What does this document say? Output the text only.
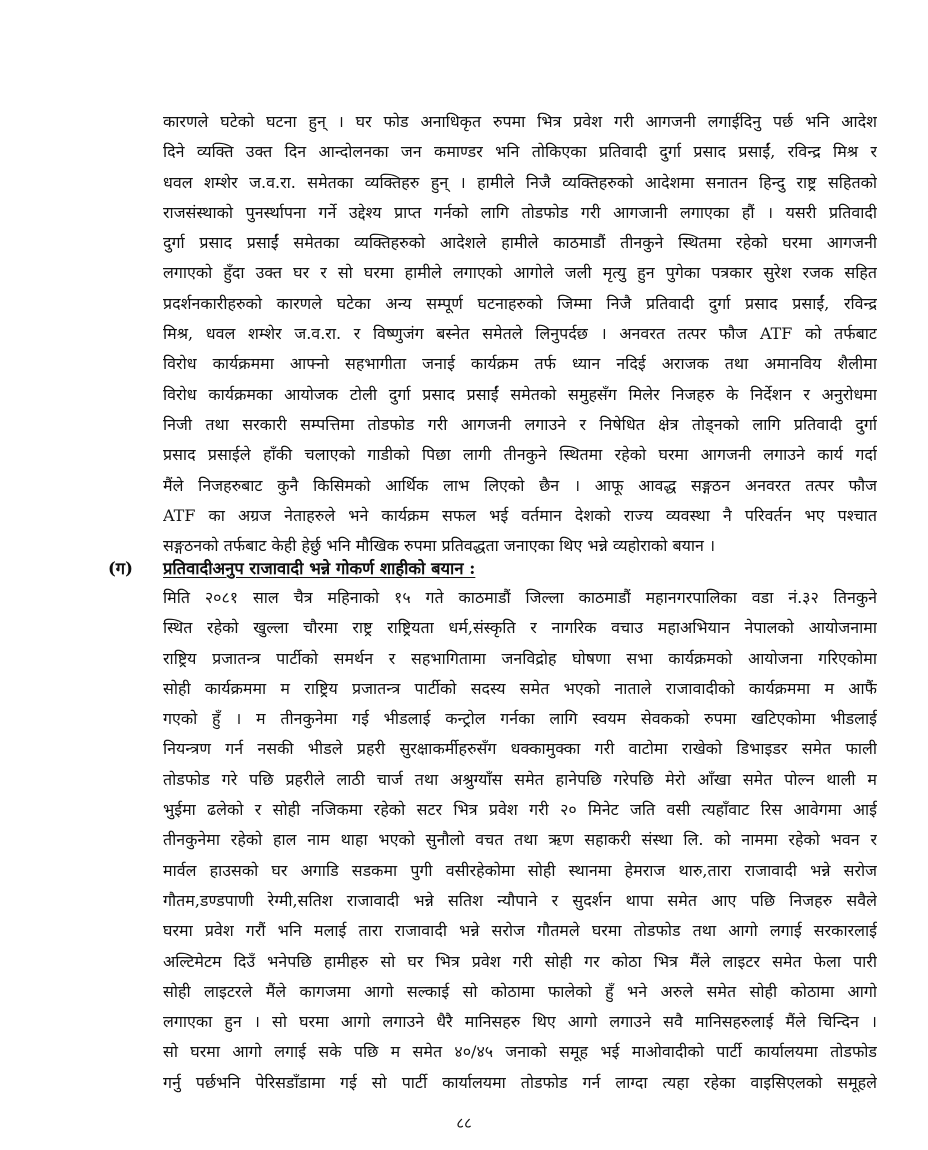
कारणले घटेको घटना हुन् । घर फोड अनाधिकृत रुपमा भित्र प्रवेश गरी आगजनी लगाईदिनु पर्छ भनि आदेश
दिने व्यक्ति उक्त दिन आन्दोलनका जन कमाण्डर भनि तोकिएका प्रतिवादी दुर्गा प्रसाद प्रसाईं, रविन्द्र मिश्र र
धवल शम्शेर ज.व.रा. समेतका व्यक्तिहरु हुन् । हामीले निजै व्यक्तिहरुको आदेशमा सनातन हिन्दु राष्ट्र सहितको
राजसंस्थाको पुनर्स्थापना गर्ने उद्देश्य प्राप्त गर्नको लागि तोडफोड गरी आगजानी लगाएका हौं । यसरी प्रतिवादी
दुर्गा प्रसाद प्रसाईं समेतका व्यक्तिहरुको आदेशले हामीले काठमाडौं तीनकुने स्थितमा रहेको घरमा आगजनी
लगाएको हुँदा उक्त घर र सो घरमा हामीले लगाएको आगोले जली मृत्यु हुन पुगेका पत्रकार सुरेश रजक सहित
प्रदर्शनकारीहरुको कारणले घटेका अन्य सम्पूर्ण घटनाहरुको जिम्मा निजै प्रतिवादी दुर्गा प्रसाद प्रसाईं, रविन्द्र
मिश्र, धवल शम्शेर ज.व.रा. र विष्णुजंग बस्नेत समेतले लिनुपर्दछ । अनवरत तत्पर फौज ATF को तर्फबाट
विरोध कार्यक्रममा आफ्नो सहभागीता जनाई कार्यक्रम तर्फ ध्यान नदिई अराजक तथा अमानविय शैलीमा
विरोध कार्यक्रमका आयोजक टोली दुर्गा प्रसाद प्रसाईं समेतको समुहसँग मिलेर निजहरु के निर्देशन र अनुरोधमा
निजी तथा सरकारी सम्पत्तिमा तोडफोड गरी आगजनी लगाउने र निषेधित क्षेत्र तोड्नको लागि प्रतिवादी दुर्गा
प्रसाद प्रसाईले हाँकी चलाएको गाडीको पिछा लागी तीनकुने स्थितमा रहेको घरमा आगजनी लगाउने कार्य गर्दा
मैंले निजहरुबाट कुनै किसिमको आर्थिक लाभ लिएको छैन । आफू आवद्ध सङ्गठन अनवरत तत्पर फौज
ATF का अग्रज नेताहरुले भने कार्यक्रम सफल भई वर्तमान देशको राज्य व्यवस्था नै परिवर्तन भए पश्चात
सङ्गठनको तर्फबाट केही हेर्छु भनि मौखिक रुपमा प्रतिवद्धता जनाएका थिए भन्ने व्यहोराको बयान ।
(ग) प्रतिवादीअनुप राजावादी भन्ने गोकर्ण शाहीको बयान :
मिति २०८१ साल चैत्र महिनाको १५ गते काठमाडौं जिल्ला काठमाडौं महानगरपालिका वडा नं.३२ तिनकुने
स्थित रहेको खुल्ला चौरमा राष्ट्र राष्ट्रियता धर्म,संस्कृति र नागरिक वचाउ महाअभियान नेपालको आयोजनामा
राष्ट्रिय प्रजातन्त्र पार्टीको समर्थन र सहभागितामा जनविद्रोह घोषणा सभा कार्यक्रमको आयोजना गरिएकोमा
सोही कार्यक्रममा म राष्ट्रिय प्रजातन्त्र पार्टीको सदस्य समेत भएको नाताले राजावादीको कार्यक्रममा म आफैं
गएको हुँ । म तीनकुनेमा गई भीडलाई कन्ट्रोल गर्नका लागि स्वयम सेवकको रुपमा खटिएकोमा भीडलाई
नियन्त्रण गर्न नसकी भीडले प्रहरी सुरक्षाकर्मीहरुसँग धक्कामुक्का गरी वाटोमा राखेको डिभाइडर समेत फाली
तोडफोड गरे पछि प्रहरीले लाठी चार्ज तथा अश्रुग्याँस समेत हानेपछि गरेपछि मेरो आँखा समेत पोल्न थाली म
भुईमा ढलेको र सोही नजिकमा रहेको सटर भित्र प्रवेश गरी २० मिनेट जति वसी त्यहाँवाट रिस आवेगमा आई
तीनकुनेमा रहेको हाल नाम थाहा भएको सुनौलो वचत तथा ऋण सहाकरी संस्था लि. को नाममा रहेको भवन र
मार्वल हाउसको घर अगाडि सडकमा पुगी वसीरहेकोमा सोही स्थानमा हेमराज थारु,तारा राजावादी भन्ने सरोज
गौतम,डण्डपाणी रेग्मी,सतिश राजावादी भन्ने सतिश न्यौपाने र सुदर्शन थापा समेत आए पछि निजहरु सवैले
घरमा प्रवेश गरौं भनि मलाई तारा राजावादी भन्ने सरोज गौतमले घरमा तोडफोड तथा आगो लगाई सरकारलाई
अल्टिमेटम दिउँ भनेपछि हामीहरु सो घर भित्र प्रवेश गरी सोही गर कोठा भित्र मैंले लाइटर समेत फेला पारी
सोही लाइटरले मैंले कागजमा आगो सल्काई सो कोठामा फालेको हुँ भने अरुले समेत सोही कोठामा आगो
लगाएका हुन । सो घरमा आगो लगाउने धैरै मानिसहरु थिए आगो लगाउने सवै मानिसहरुलाई मैंले चिन्दिन ।
सो घरमा आगो लगाई सके पछि म समेत ४०/४५ जनाको समूह भई माओवादीको पार्टी कार्यालयमा तोडफोड
गर्नु पर्छभनि पेरिसडाँडामा गई सो पार्टी कार्यालयमा तोडफोड गर्न लाग्दा त्यहा रहेका वाइसिएलको समूहले
८८
